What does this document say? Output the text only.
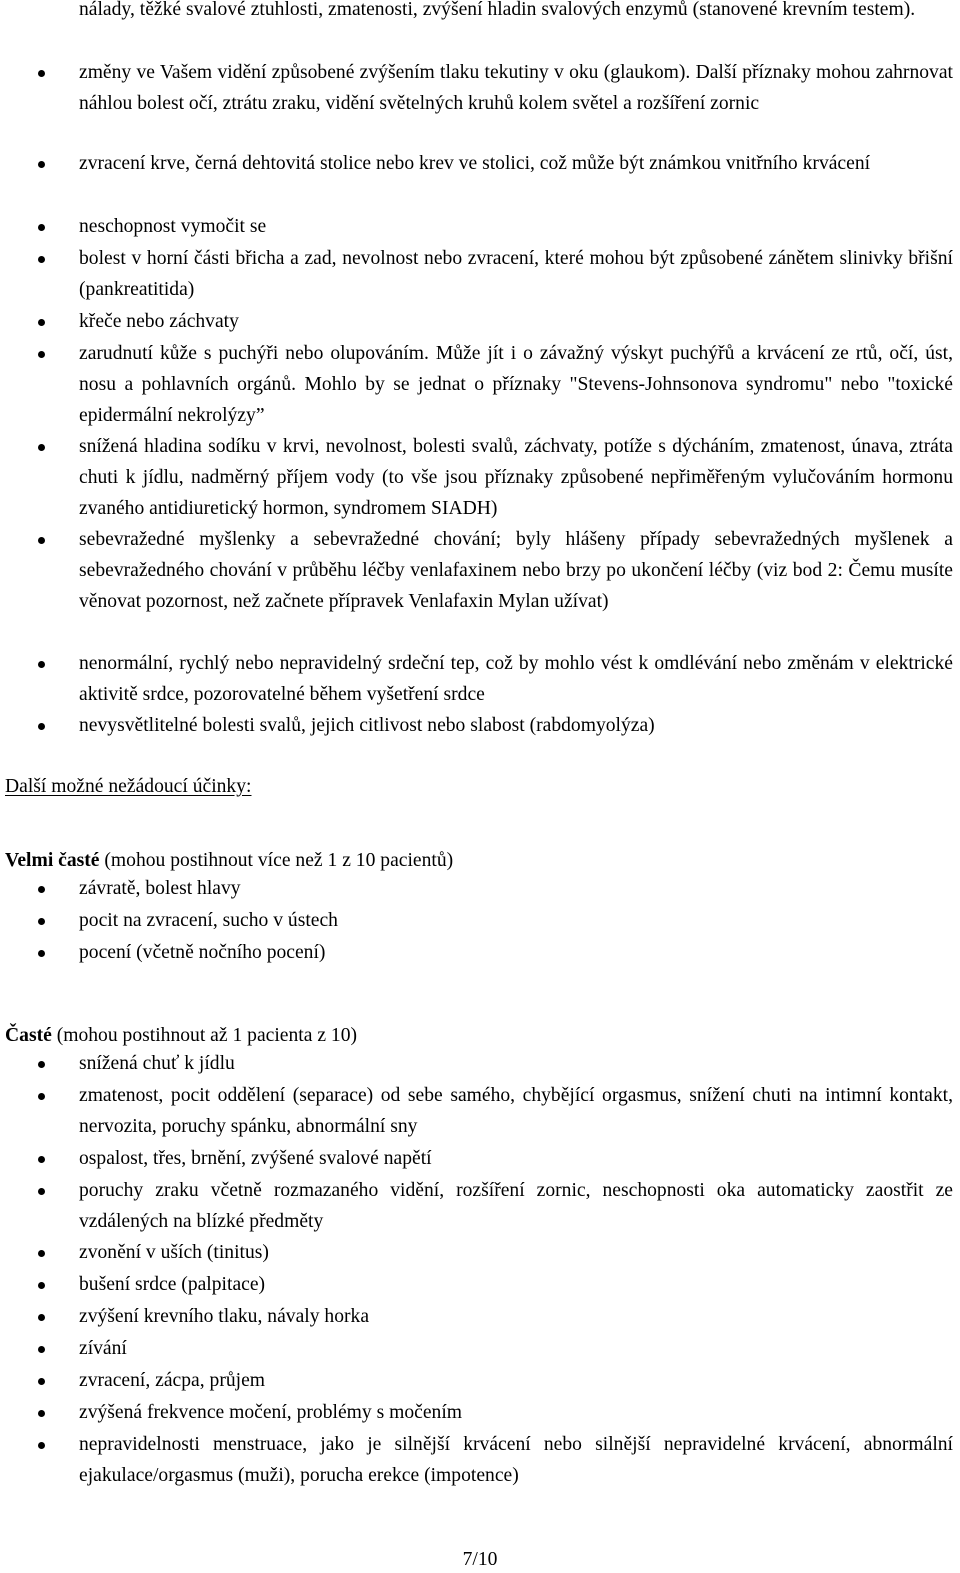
nálady, těžké svalové ztuhlosti, zmatenosti, zvýšení hladin svalových enzymů (stanovené krevním testem).
změny ve Vašem vidění způsobené zvýšením tlaku tekutiny v oku (glaukom). Další příznaky mohou zahrnovat náhlou bolest očí, ztrátu zraku, vidění světelných kruhů kolem světel a rozšíření zornic
zvracení krve, černá dehtovitá stolice nebo krev ve stolici, což může být známkou vnitřního krvácení
neschopnost vymočit se
bolest v horní části břicha a zad, nevolnost nebo zvracení, které mohou být způsobené zánětem slinivky břišní (pankreatitida)
křeče nebo záchvaty
zarudnutí kůže s puchýři nebo olupováním. Může jít i o závažný výskyt puchýřů a krvácení ze rtů, očí, úst, nosu a pohlavních orgánů. Mohlo by se jednat o příznaky "Stevens-Johnsonova syndromu" nebo "toxické epidermální nekrolýzy”
snížená hladina sodíku v krvi, nevolnost, bolesti svalů, záchvaty, potíže s dýcháním, zmatenost, únava, ztráta chuti k jídlu, nadměrný příjem vody (to vše jsou příznaky způsobené nepřiměřeným vylučováním hormonu zvaného antidiuretický hormon, syndromem SIADH)
sebevražedné myšlenky a sebevražedné chování; byly hlášeny případy sebevražedných myšlenek a sebevražedného chování v průběhu léčby venlafaxinem nebo brzy po ukončení léčby (viz bod 2: Čemu musíte věnovat pozornost, než začnete přípravek Venlafaxin Mylan užívat)
nenormální, rychlý nebo nepravidelný srdeční tep, což by mohlo vést k omdlévání nebo změnám v elektrické aktivitě srdce, pozorovatelné během vyšetření srdce
nevysvětlitelné bolesti svalů, jejich citlivost nebo slabost (rabdomyolýza)
Další možné nežádoucí účinky:
Velmi časté (mohou postihnout více než 1 z 10 pacientů)
závratě, bolest hlavy
pocit na zvracení, sucho v ústech
pocení (včetně nočního pocení)
Časté (mohou postihnout až 1 pacienta z 10)
snížená chuť k jídlu
zmatenost, pocit oddělení (separace) od sebe samého, chybějící orgasmus, snížení chuti na intimní kontakt, nervozita, poruchy spánku, abnormální sny
ospalost, třes, brnění, zvýšené svalové napětí
poruchy zraku včetně rozmazaného vidění, rozšíření zornic, neschopnosti oka automaticky zaostřit ze vzdálených na blízké předměty
zvonění v uších (tinitus)
bušení srdce (palpitace)
zvýšení krevního tlaku, návaly horka
zívání
zvracení, zácpa, průjem
zvýšená frekvence močení, problémy s močením
nepravidelnosti menstruace, jako je silnější krvácení nebo silnější nepravidelné krvácení, abnormální ejakulace/orgasmus (muži), porucha erekce (impotence)
7/10
